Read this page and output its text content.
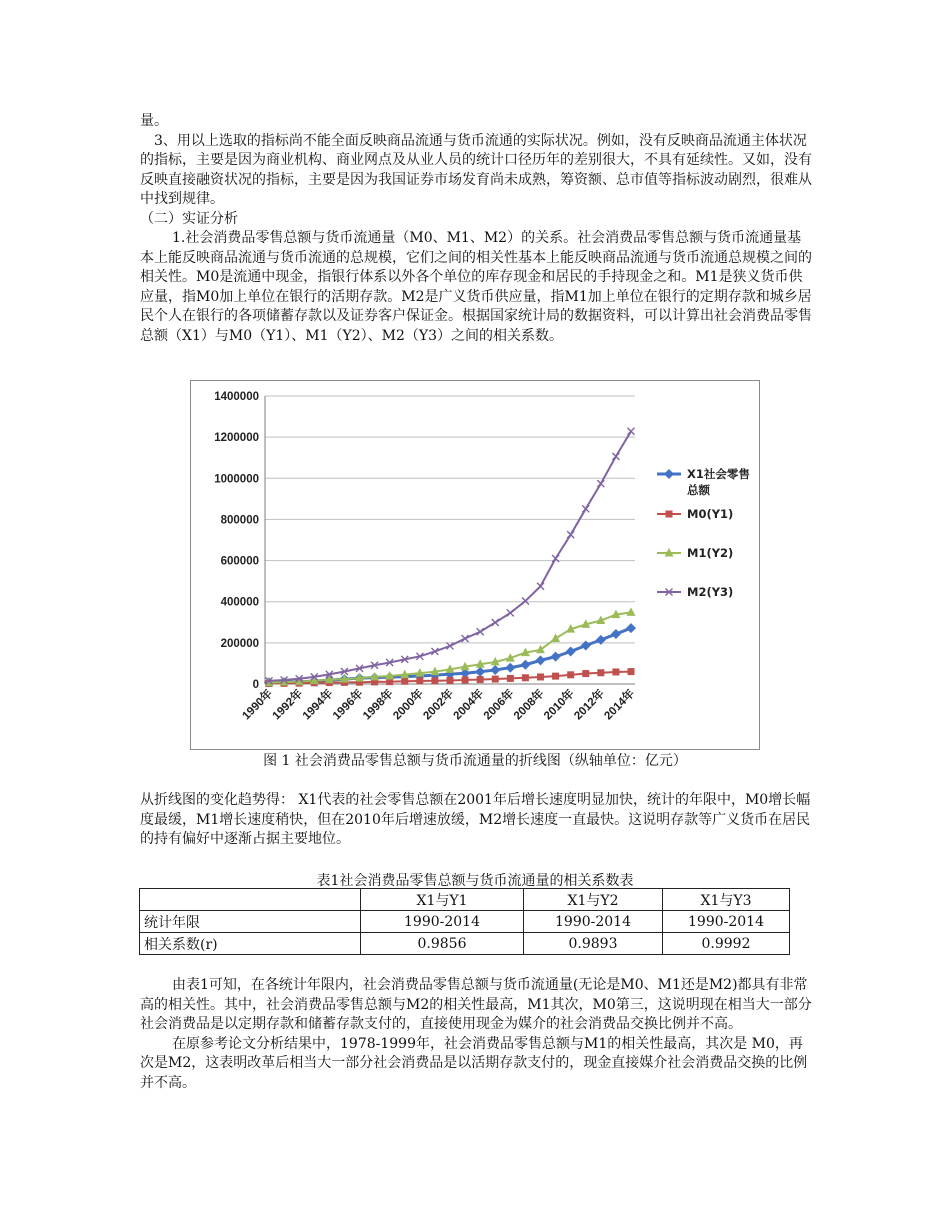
量。

3、用以上选取的指标尚不能全面反映商品流通与货币流通的实际状况。例如，没有反映商品流通主体状况的指标，主要是因为商业机构、商业网点及从业人员的统计口径历年的差别很大，不具有延续性。又如，没有反映直接融资状况的指标，主要是因为我国证券市场发育尚未成熟，筹资额、总市值等指标波动剧烈，很难从中找到规律。

（二）实证分析

1.社会消费品零售总额与货币流通量（M0、M1、M2）的关系。社会消费品零售总额与货币流通量基本上能反映商品流通与货币流通的总规模，它们之间的相关性基本上能反映商品流通与货币流通总规模之间的相关性。M0是流通中现金，指银行体系以外各个单位的库存现金和居民的手持现金之和。M1是狭义货币供应量，指M0加上单位在银行的活期存款。M2是广义货币供应量，指M1加上单位在银行的定期存款和城乡居民个人在银行的各项储蓄存款以及证券客户保证金。根据国家统计局的数据资料，可以计算出社会消费品零售总额（X1）与M0（Y1）、M1（Y2）、M2（Y3）之间的相关系数。

0
200000
400000
600000
800000
1000000
1200000
1400000
1990年
1992年
1994年
1996年
1998年
2000年
2002年
2004年
2006年
2008年
2010年
2012年
2014年
X1社会零售
总额
M0(Y1)
M1(Y2)
M2(Y3)
图 1 社会消费品零售总额与货币流通量的折线图（纵轴单位：亿元）

从折线图的变化趋势得： X1代表的社会零售总额在2001年后增长速度明显加快，统计的年限中，M0增长幅度最缓，M1增长速度稍快，但在2010年后增速放缓，M2增长速度一直最快。这说明存款等广义货币在居民的持有偏好中逐渐占据主要地位。

表1社会消费品零售总额与货币流通量的相关系数表
	X1与Y1	X1与Y2	X1与Y3
统计年限	1990-2014	1990-2014	1990-2014
相关系数(r)	0.9856	0.9893	0.9992

由表1可知，在各统计年限内，社会消费品零售总额与货币流通量(无论是M0、M1还是M2)都具有非常高的相关性。其中，社会消费品零售总额与M2的相关性最高，M1其次，M0第三，这说明现在相当大一部分社会消费品是以定期存款和储蓄存款支付的，直接使用现金为媒介的社会消费品交换比例并不高。

在原参考论文分析结果中，1978-1999年，社会消费品零售总额与M1的相关性最高，其次是 M0，再次是M2，这表明改革后相当大一部分社会消费品是以活期存款支付的，现金直接媒介社会消费品交换的比例并不高。
